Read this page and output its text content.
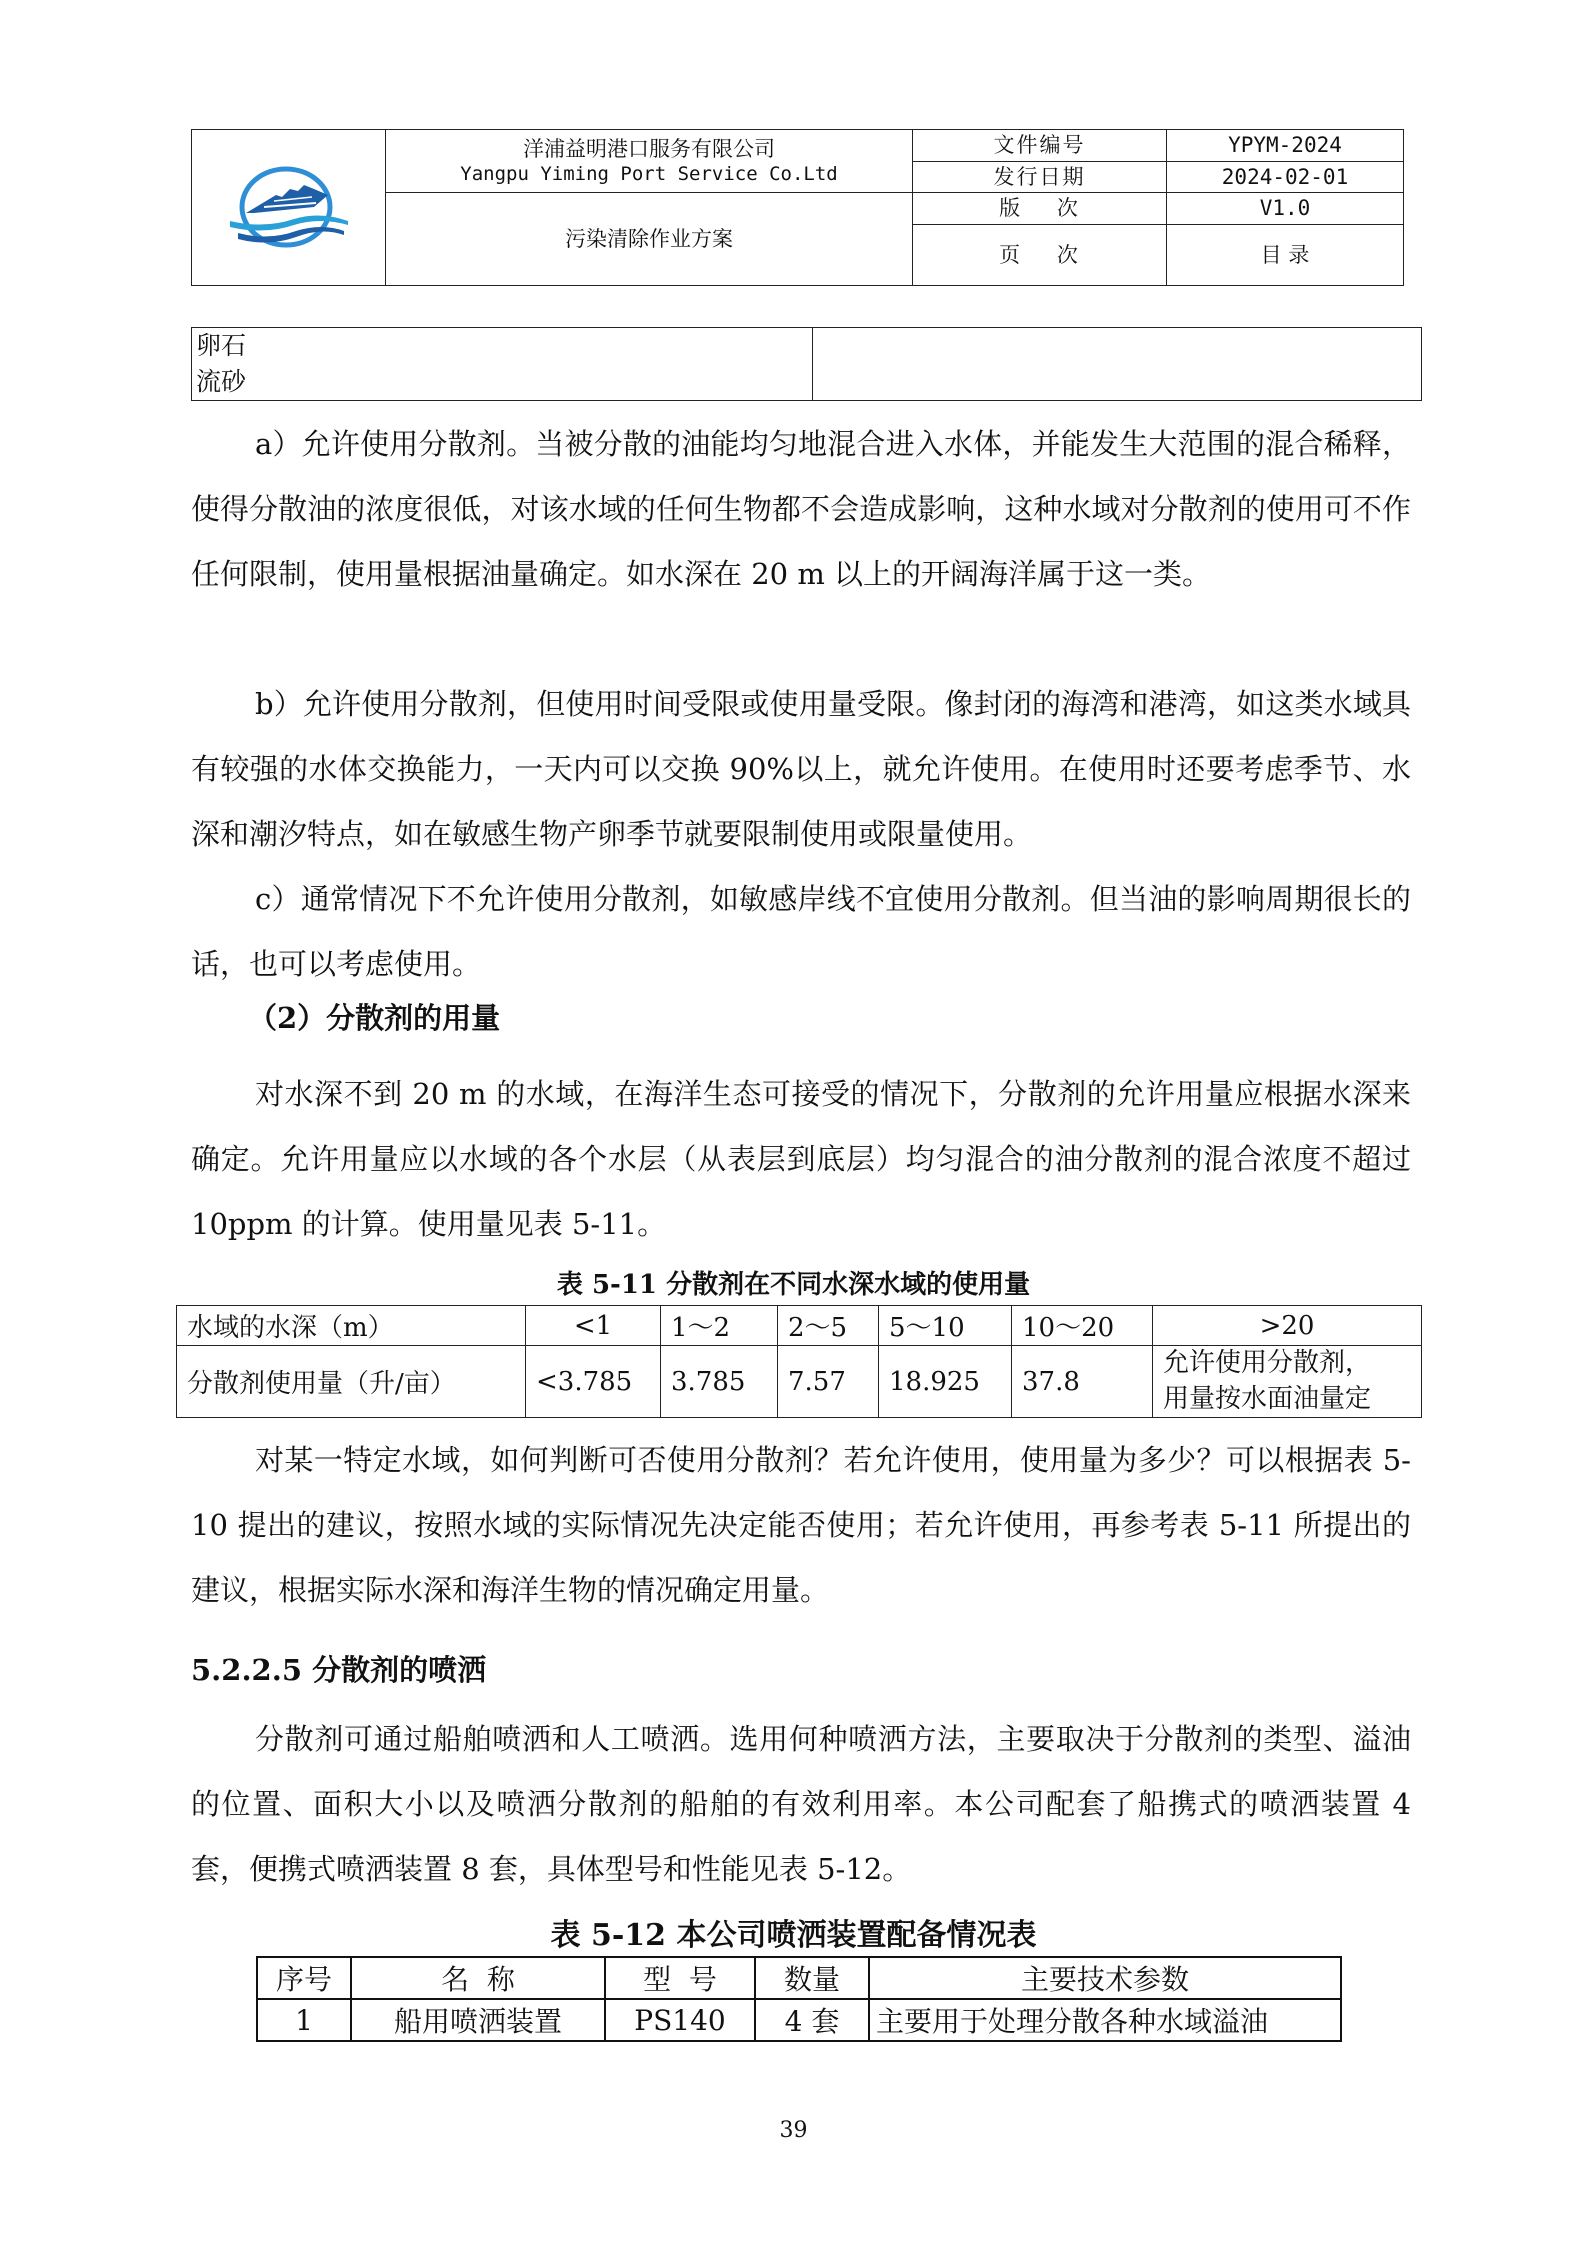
洋浦益明港口服务有限公司
Yangpu Yiming Port Service Co.Ltd	文件编号	YPYM-2024
		发行日期	2024-02-01
	污染清除作业方案	版    次	V1.0
		页    次	目 录
卵石
流砂

a）允许使用分散剂。当被分散的油能均匀地混合进入水体，并能发生大范围的混合稀释，使得分散油的浓度很低，对该水域的任何生物都不会造成影响，这种水域对分散剂的使用可不作任何限制，使用量根据油量确定。如水深在 20 m 以上的开阔海洋属于这一类。

b）允许使用分散剂，但使用时间受限或使用量受限。像封闭的海湾和港湾，如这类水域具有较强的水体交换能力，一天内可以交换 90%以上，就允许使用。在使用时还要考虑季节、水深和潮汐特点，如在敏感生物产卵季节就要限制使用或限量使用。

c）通常情况下不允许使用分散剂，如敏感岸线不宜使用分散剂。但当油的影响周期很长的话，也可以考虑使用。

（2）分散剂的用量

对水深不到 20 m 的水域，在海洋生态可接受的情况下，分散剂的允许用量应根据水深来确定。允许用量应以水域的各个水层（从表层到底层）均匀混合的油分散剂的混合浓度不超过 10ppm 的计算。使用量见表 5-11。

表 5-11 分散剂在不同水深水域的使用量
水域的水深（m）	<1	1～2	2～5	5～10	10～20	>20
分散剂使用量（升/亩）	<3.785	3.785	7.57	18.925	37.8	允许使用分散剂，
用量按水面油量定

对某一特定水域，如何判断可否使用分散剂？若允许使用，使用量为多少？可以根据表 5-10 提出的建议，按照水域的实际情况先决定能否使用；若允许使用，再参考表 5-11 所提出的建议，根据实际水深和海洋生物的情况确定用量。

5.2.2.5 分散剂的喷洒

分散剂可通过船舶喷洒和人工喷洒。选用何种喷洒方法，主要取决于分散剂的类型、溢油的位置、面积大小以及喷洒分散剂的船舶的有效利用率。本公司配套了船携式的喷洒装置 4 套，便携式喷洒装置 8 套，具体型号和性能见表 5-12。

表 5-12 本公司喷洒装置配备情况表
序号	名  称	型  号	数量	主要技术参数
1	船用喷洒装置	PS140	4 套	主要用于处理分散各种水域溢油
39
